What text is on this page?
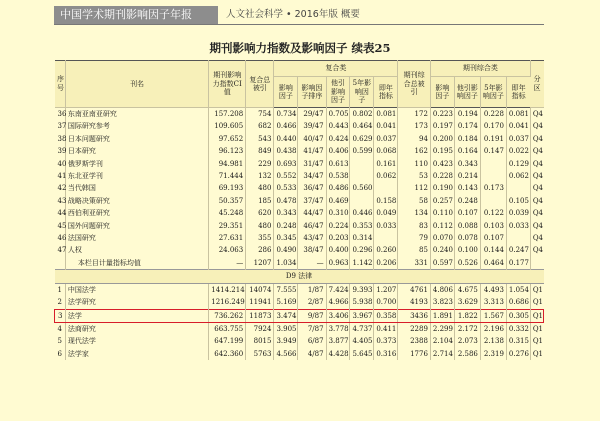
中国学术期刊影响因子年报	人文社会科学 • 2016年版 概要
期刊影响力指数及影响因子 续表25
序号	刊名	期刊影响力指数CI值	复合总被引	复合类					期刊综合总被引	期刊综合类				分区
				影响因子	影响因子排序	他引影响因子	5年影响因子	即年指标		影响因子	他引影响因子	5年影响因子	即年指标	
36	东南亚南亚研究	157.208	754	0.734	29/47	0.705	0.802	0.081	172	0.223	0.194	0.228	0.081	Q4
37	国际研究参考	109.605	682	0.466	39/47	0.443	0.464	0.041	173	0.197	0.174	0.170	0.041	Q4
38	日本问题研究	97.652	543	0.440	40/47	0.424	0.629	0.037	94	0.200	0.184	0.191	0.037	Q4
39	日本研究	96.123	849	0.438	41/47	0.406	0.599	0.068	162	0.195	0.164	0.147	0.022	Q4
40	俄罗斯学刊	94.981	229	0.693	31/47	0.613		0.161	110	0.423	0.343		0.129	Q4
41	东北亚学刊	71.444	132	0.552	34/47	0.538		0.062	53	0.228	0.214		0.062	Q4
42	当代韩国	69.193	480	0.533	36/47	0.486	0.560		112	0.190	0.143	0.173		Q4
43	战略决策研究	50.357	185	0.478	37/47	0.469		0.158	58	0.257	0.248		0.105	Q4
44	西伯利亚研究	45.248	620	0.343	44/47	0.310	0.446	0.049	134	0.110	0.107	0.122	0.039	Q4
45	国外问题研究	29.351	480	0.248	46/47	0.224	0.353	0.033	83	0.112	0.088	0.103	0.033	Q4
46	法国研究	27.631	355	0.345	43/47	0.203	0.314		79	0.070	0.078	0.107		Q4
47	人权	24.063	286	0.490	38/47	0.400	0.296	0.260	85	0.240	0.100	0.144	0.247	Q4
	本栏目计量指标均值	—	1207	1.034	—	0.963	1.142	0.206	331	0.597	0.526	0.464	0.177	
D9 法律														
1	中国法学	1414.214	14074	7.555	1/87	7.424	9.393	1.207	4761	4.806	4.675	4.493	1.054	Q1
2	法学研究	1216.249	11941	5.169	2/87	4.966	5.938	0.700	4193	3.823	3.629	3.313	0.686	Q1
3	法学	736.262	11873	3.474	9/87	3.406	3.967	0.358	3436	1.891	1.822	1.567	0.305	Q1
4	法商研究	663.755	7924	3.905	7/87	3.778	4.737	0.411	2289	2.299	2.172	2.196	0.332	Q1
5	现代法学	647.199	8015	3.949	6/87	3.877	4.405	0.373	2388	2.104	2.073	2.138	0.315	Q1
6	法学家	642.360	5763	4.566	4/87	4.428	5.645	0.316	1776	2.714	2.586	2.319	0.276	Q1
